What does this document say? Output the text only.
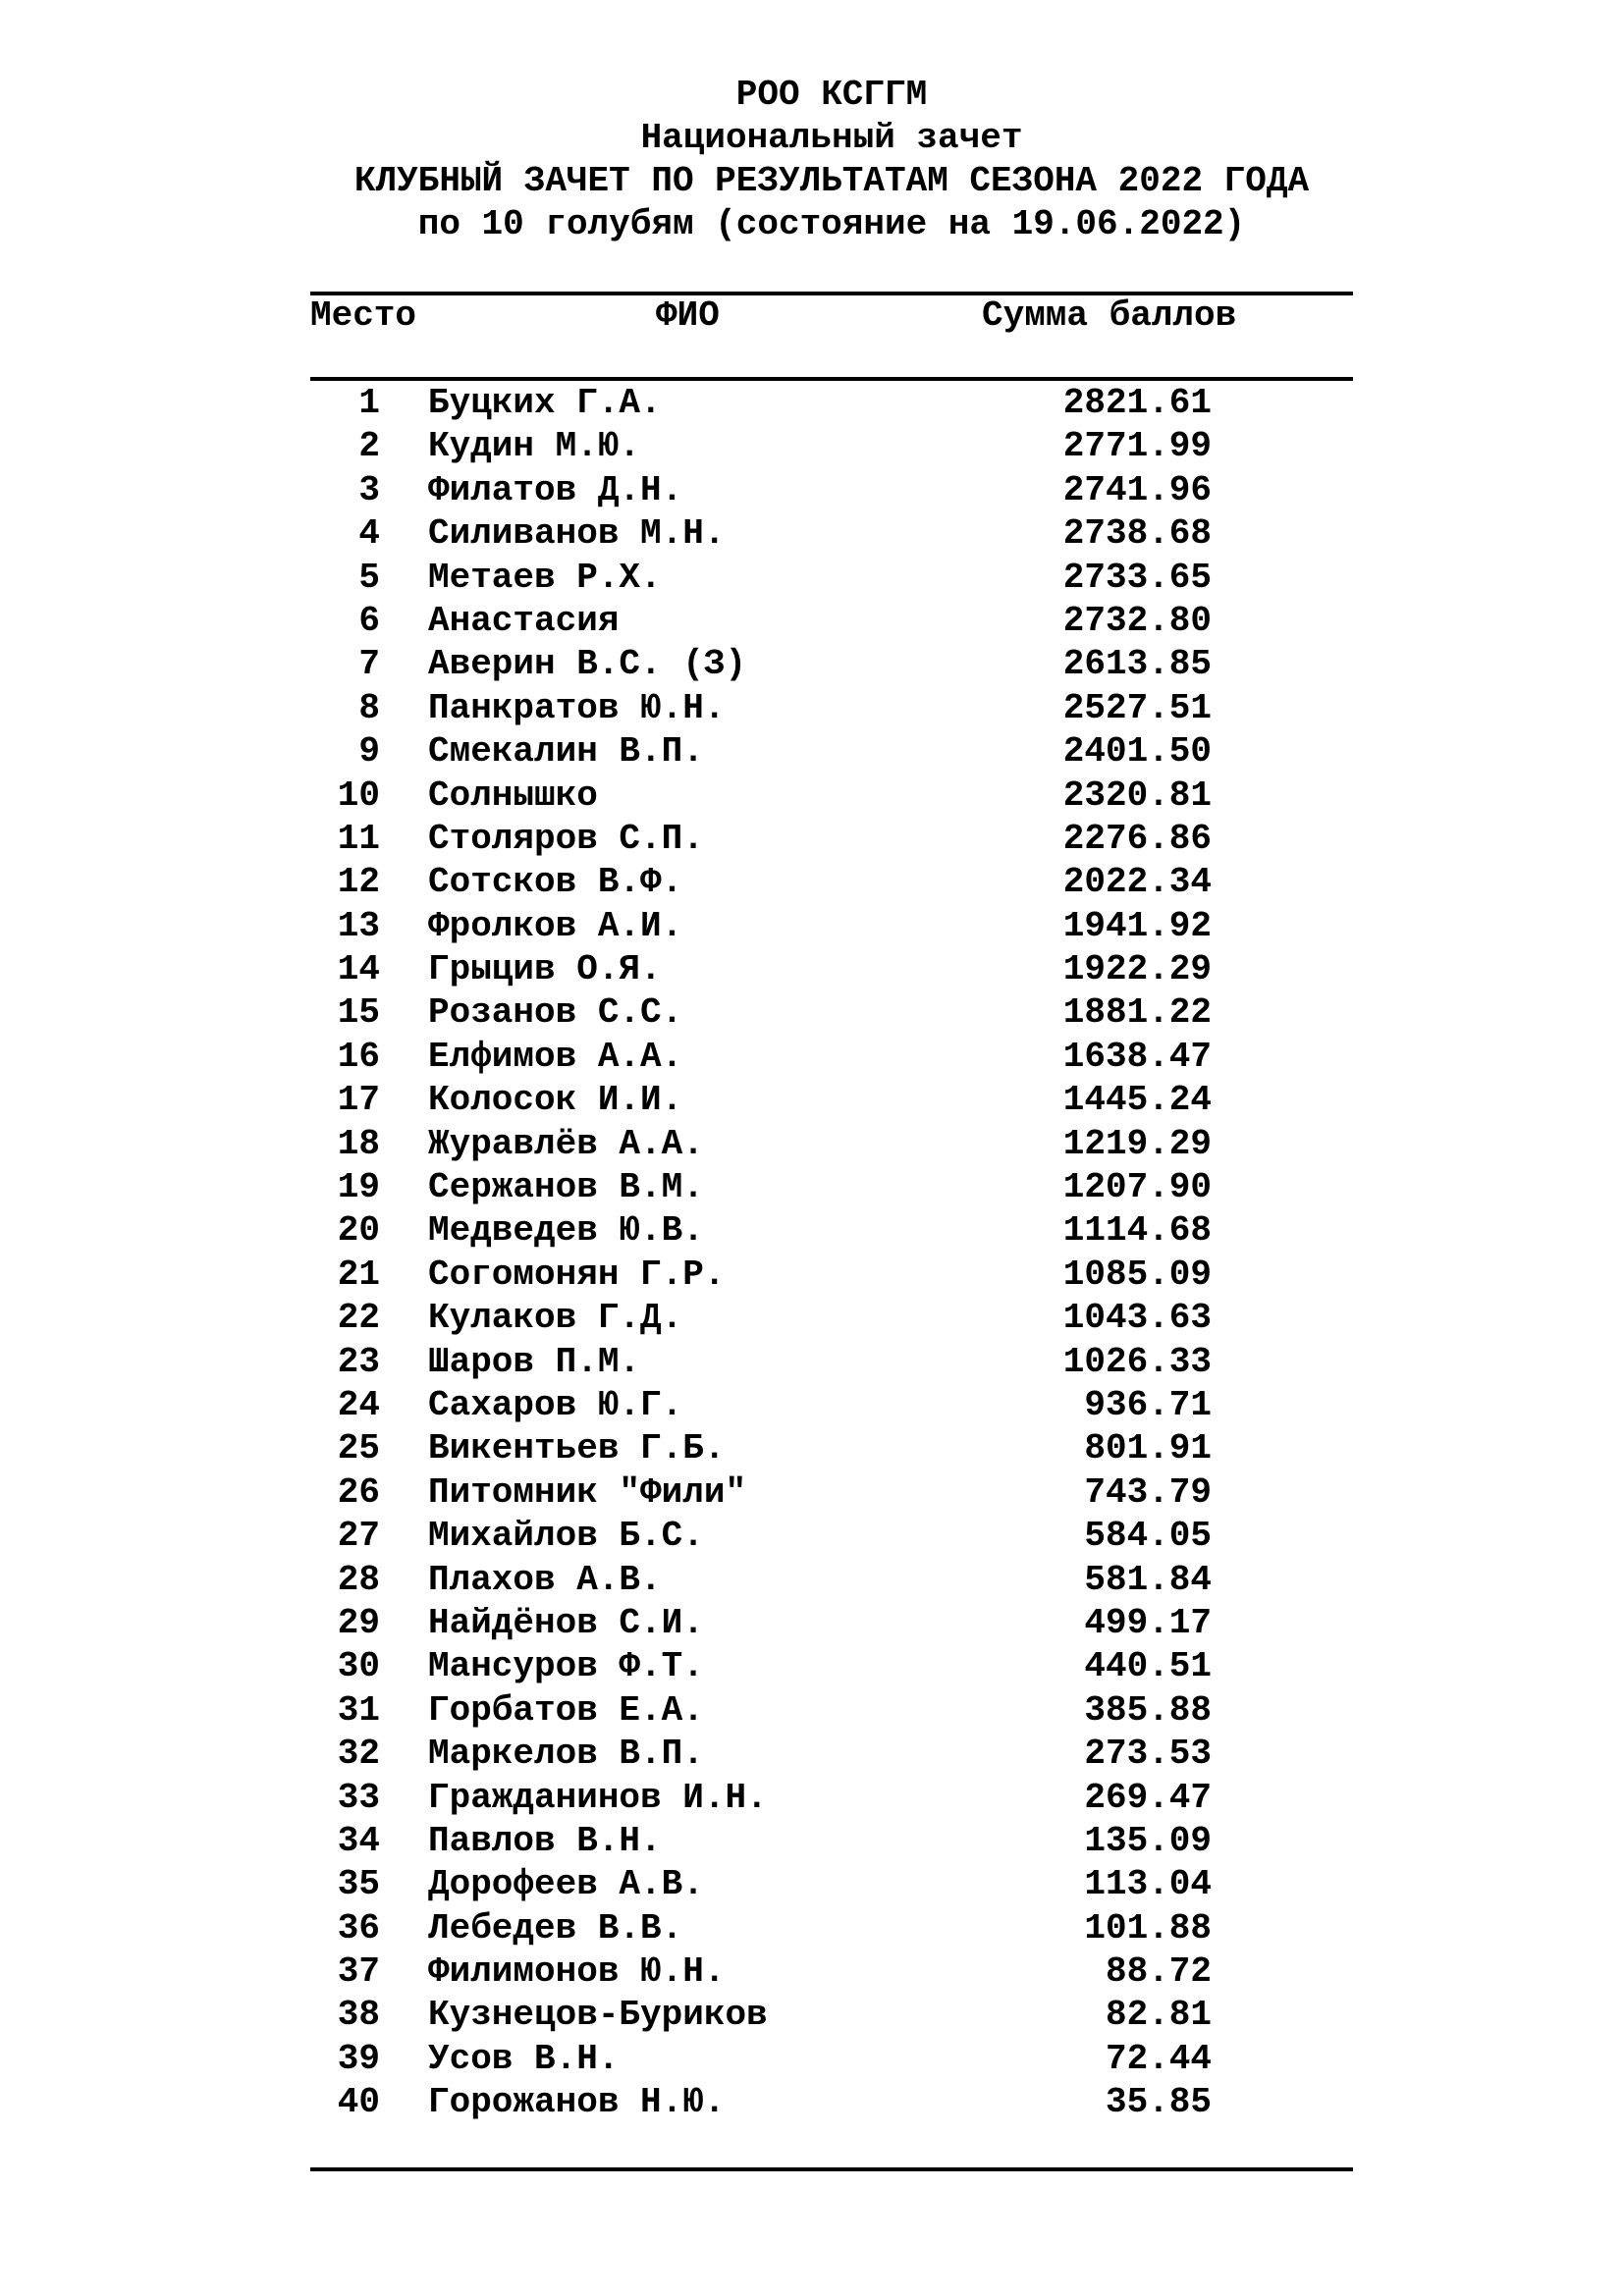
РОО КСГГМ
Национальный зачет
КЛУБНЫЙ ЗАЧЕТ ПО РЕЗУЛЬТАТАМ СЕЗОНА 2022 ГОДА
по 10 голубям (состояние на 19.06.2022)
Место	ФИО	Сумма баллов
1 Буцких Г.А.	2821.61
2 Кудин М.Ю.	2771.99
3 Филатов Д.Н.	2741.96
4 Силиванов М.Н.	2738.68
5 Метаев Р.Х.	2733.65
6 Анастасия	2732.80
7 Аверин В.С. (З)	2613.85
8 Панкратов Ю.Н.	2527.51
9 Смекалин В.П.	2401.50
10 Солнышко	2320.81
11 Столяров С.П.	2276.86
12 Сотсков В.Ф.	2022.34
13 Фролков А.И.	1941.92
14 Грыцив О.Я.	1922.29
15 Розанов С.С.	1881.22
16 Елфимов А.А.	1638.47
17 Колосок И.И.	1445.24
18 Журавлёв А.А.	1219.29
19 Сержанов В.М.	1207.90
20 Медведев Ю.В.	1114.68
21 Согомонян Г.Р.	1085.09
22 Кулаков Г.Д.	1043.63
23 Шаров П.М.	1026.33
24 Сахаров Ю.Г.	936.71
25 Викентьев Г.Б.	801.91
26 Питомник "Фили"	743.79
27 Михайлов Б.С.	584.05
28 Плахов А.В.	581.84
29 Найдёнов С.И.	499.17
30 Мансуров Ф.Т.	440.51
31 Горбатов Е.А.	385.88
32 Маркелов В.П.	273.53
33 Гражданинов И.Н.	269.47
34 Павлов В.Н.	135.09
35 Дорофеев А.В.	113.04
36 Лебедев В.В.	101.88
37 Филимонов Ю.Н.	88.72
38 Кузнецов-Буриков	82.81
39 Усов В.Н.	72.44
40 Горожанов Н.Ю.	35.85
